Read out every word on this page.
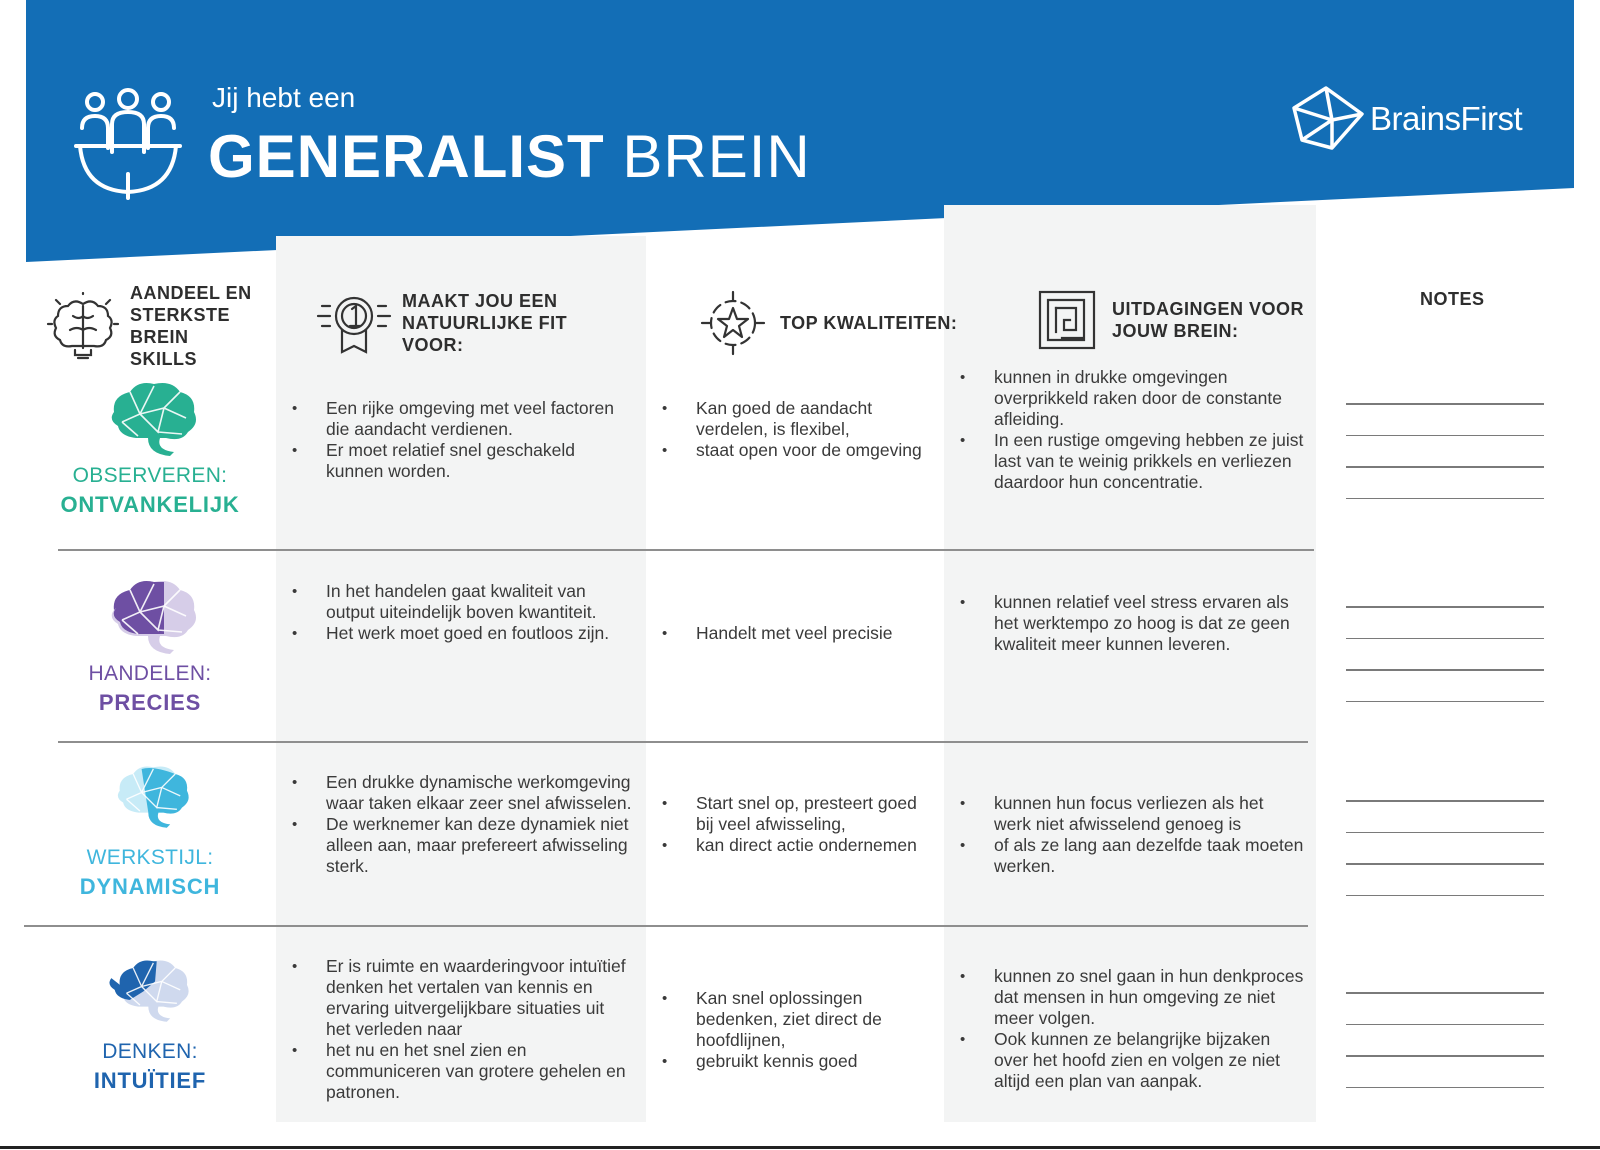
Jij hebt een
GENERALIST BREIN
BrainsFirst
AANDEEL EN STERKSTE BREIN SKILLS
MAAKT JOU EEN NATUURLIJKE FIT VOOR:
TOP KWALITEITEN:
UITDAGINGEN VOOR JOUW BREIN:
NOTES
OBSERVEREN:
ONTVANKELIJK
• Een rijke omgeving met veel factoren die aandacht verdienen.
• Er moet relatief snel geschakeld kunnen worden.
• Kan goed de aandacht verdelen, is flexibel,
• staat open voor de omgeving
• kunnen in drukke omgevingen overprikkeld raken door de constante afleiding.
• In een rustige omgeving hebben ze juist last van te weinig prikkels en verliezen daardoor hun concentratie.
HANDELEN:
PRECIES
• In het handelen gaat kwaliteit van output uiteindelijk boven kwantiteit.
• Het werk moet goed en foutloos zijn.
•	Handelt met veel precisie
• kunnen relatief veel stress ervaren als het werktempo zo hoog is dat ze geen kwaliteit meer kunnen leveren.
WERKSTIJL:
DYNAMISCH
• Een drukke dynamische werkomgeving waar taken elkaar zeer snel afwisselen.
• De werknemer kan deze dynamiek niet alleen aan, maar prefereert afwisseling sterk.
• Start snel op, presteert goed bij veel afwisseling,
• kan direct actie ondernemen
• kunnen hun focus verliezen als het werk niet afwisselend genoeg is
• of als ze lang aan dezelfde taak moeten werken.
DENKEN:
INTUÏTIEF
• Er is ruimte en waarderingvoor intuïtief denken het vertalen van kennis en ervaring uitvergelijkbare situaties uit het verleden naar
• het nu en het snel zien en communiceren van grotere gehelen en patronen.
• Kan snel oplossingen bedenken, ziet direct de hoofdlijnen,
• gebruikt kennis goed
• kunnen zo snel gaan in hun denkproces dat mensen in hun omgeving ze niet meer volgen.
• Ook kunnen ze belangrijke bijzaken over het hoofd zien en volgen ze niet altijd een plan van aanpak.
